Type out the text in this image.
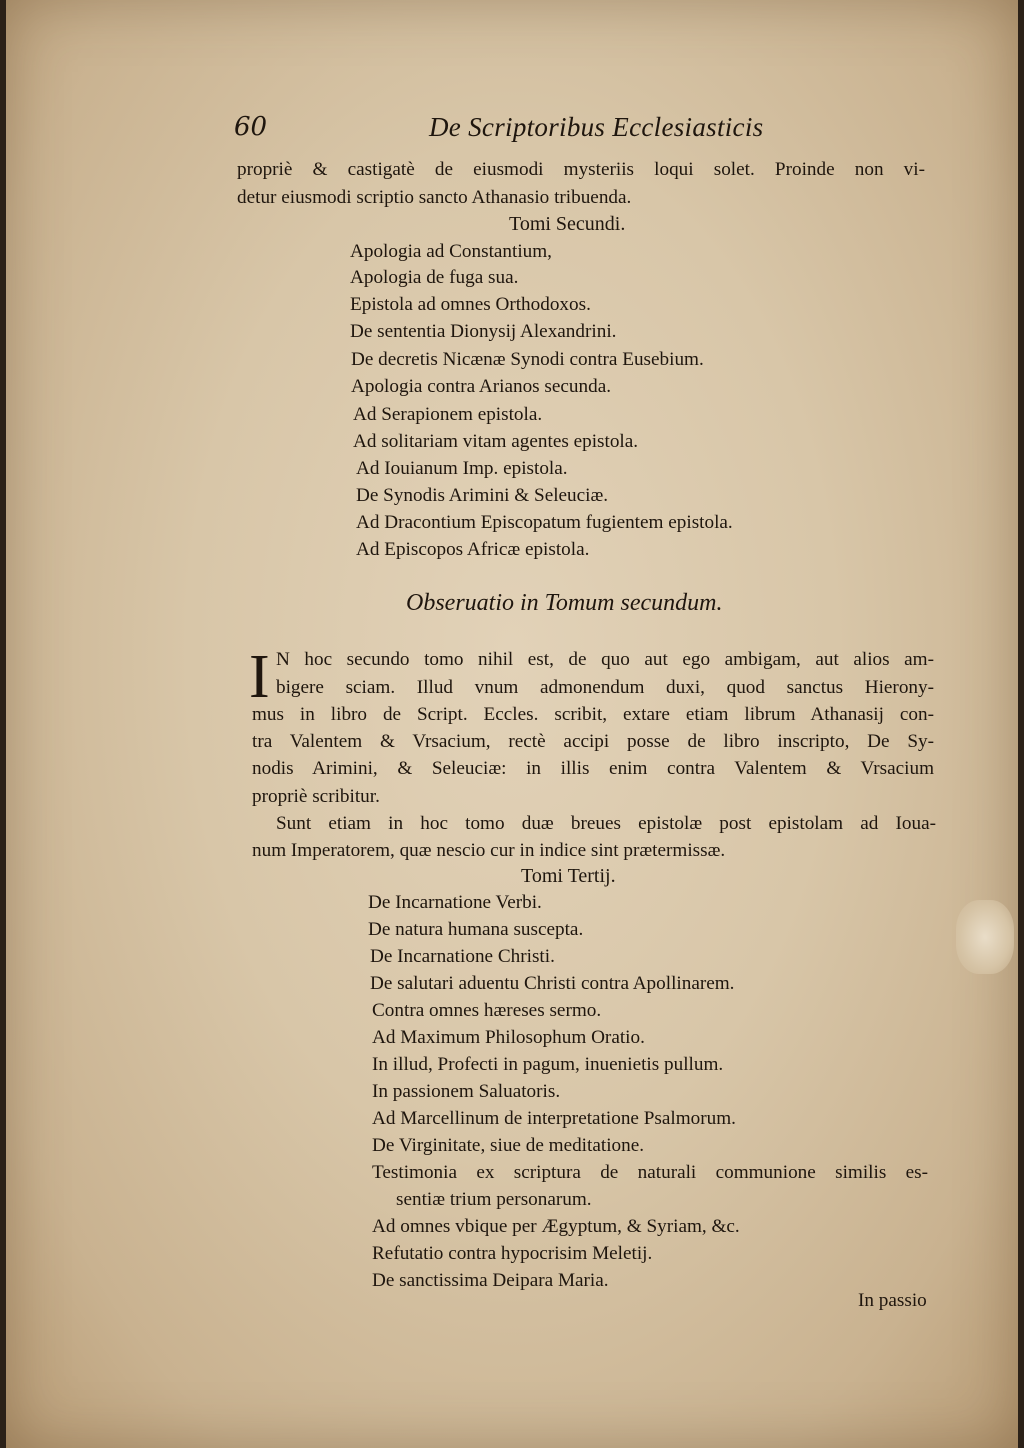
60	De Scriptoribus Ecclesiasticis
propriè & castigatè de eiusmodi mysteriis loqui solet. Proinde non vi-
detur eiusmodi scriptio sancto Athanasio tribuenda.
Tomi Secundi.
Apologia ad Constantium,
Apologia de fuga sua.
Epistola ad omnes Orthodoxos.
De sententia Dionysij Alexandrini.
De decretis Nicænæ Synodi contra Eusebium.
Apologia contra Arianos secunda.
Ad Serapionem epistola.
Ad solitariam vitam agentes epistola.
Ad Iouianum Imp. epistola.
De Synodis Arimini & Seleuciæ.
Ad Dracontium Episcopatum fugientem epistola.
Ad Episcopos Africæ epistola.
Obseruatio in Tomum secundum.
I N hoc secundo tomo nihil est, de quo aut ego ambigam, aut alios am-
bigere sciam. Illud vnum admonendum duxi, quod sanctus Hierony-
mus in libro de Script. Eccles. scribit, extare etiam librum Athanasij con-
tra Valentem & Vrsacium, rectè accipi posse de libro inscripto, De Sy-
nodis Arimini, & Seleuciæ: in illis enim contra Valentem & Vrsacium
propriè scribitur.
Sunt etiam in hoc tomo duæ breues epistolæ post epistolam ad Ioua-
num Imperatorem, quæ nescio cur in indice sint prætermissæ.
Tomi Tertij.
De Incarnatione Verbi.
De natura humana suscepta.
De Incarnatione Christi.
De salutari aduentu Christi contra Apollinarem.
Contra omnes hæreses sermo.
Ad Maximum Philosophum Oratio.
In illud, Profecti in pagum, inuenietis pullum.
In passionem Saluatoris.
Ad Marcellinum de interpretatione Psalmorum.
De Virginitate, siue de meditatione.
Testimonia ex scriptura de naturali communione similis es-
sentiæ trium personarum.
Ad omnes vbique per Ægyptum, & Syriam, &c.
Refutatio contra hypocrisim Meletij.
De sanctissima Deipara Maria.
In passio
